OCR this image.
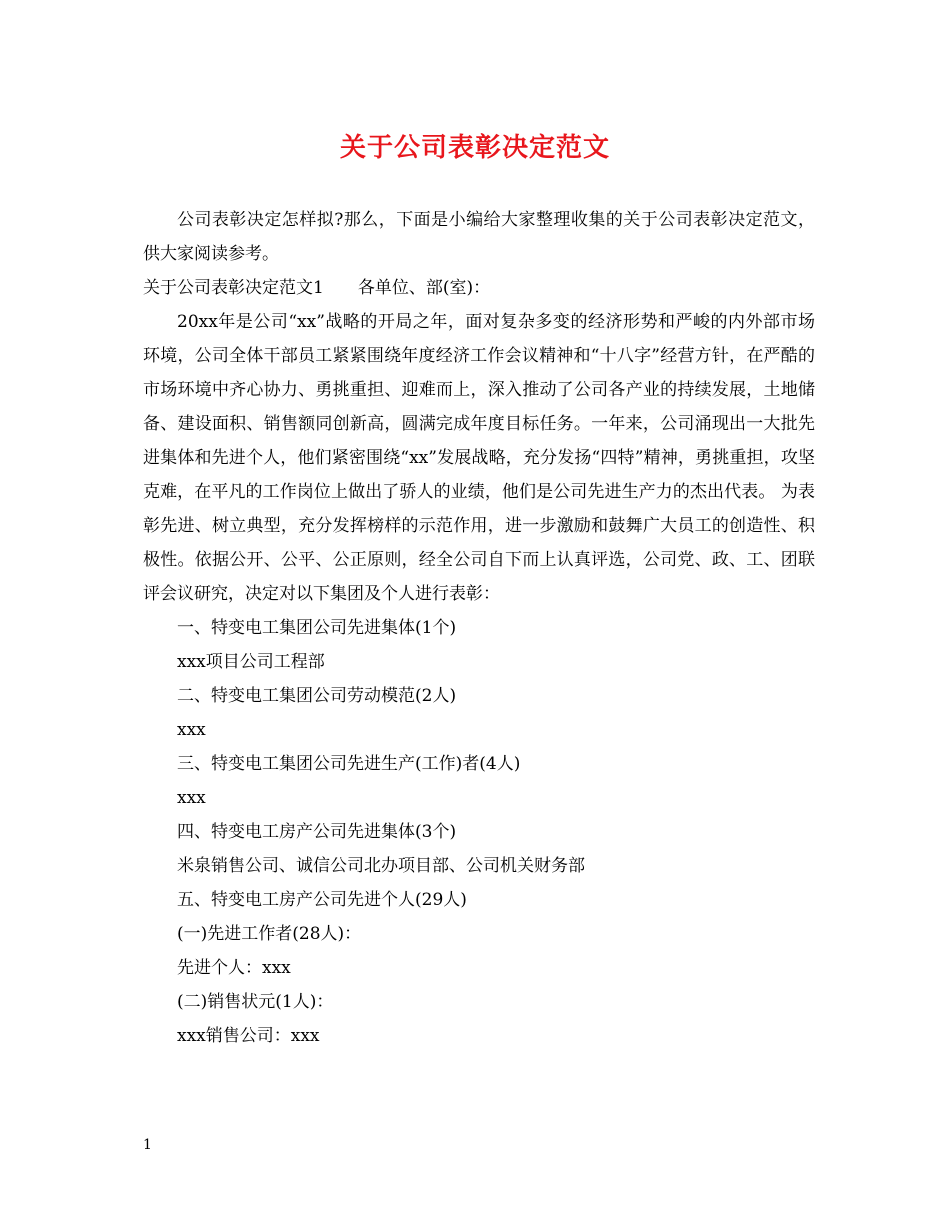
关于公司表彰决定范文

公司表彰决定怎样拟?那么，下面是小编给大家整理收集的关于公司表彰决定范文，供大家阅读参考。

关于公司表彰决定范文1 各单位、部(室)：

20xx年是公司“xx”战略的开局之年，面对复杂多变的经济形势和严峻的内外部市场环境，公司全体干部员工紧紧围绕年度经济工作会议精神和“十八字”经营方针，在严酷的市场环境中齐心协力、勇挑重担、迎难而上，深入推动了公司各产业的持续发展，土地储备、建设面积、销售额同创新高，圆满完成年度目标任务。一年来，公司涌现出一大批先进集体和先进个人，他们紧密围绕“xx”发展战略，充分发扬“四特”精神，勇挑重担，攻坚克难，在平凡的工作岗位上做出了骄人的业绩，他们是公司先进生产力的杰出代表。 为表彰先进、树立典型，充分发挥榜样的示范作用，进一步激励和鼓舞广大员工的创造性、积极性。依据公开、公平、公正原则，经全公司自下而上认真评选，公司党、政、工、团联评会议研究，决定对以下集团及个人进行表彰：

一、特变电工集团公司先进集体(1个)

xxx项目公司工程部

二、特变电工集团公司劳动模范(2人)

xxx

三、特变电工集团公司先进生产(工作)者(4人)

xxx

四、特变电工房产公司先进集体(3个)

米泉销售公司、诚信公司北办项目部、公司机关财务部

五、特变电工房产公司先进个人(29人)

(一)先进工作者(28人)：

先进个人：xxx

(二)销售状元(1人)：

xxx销售公司：xxx

1
